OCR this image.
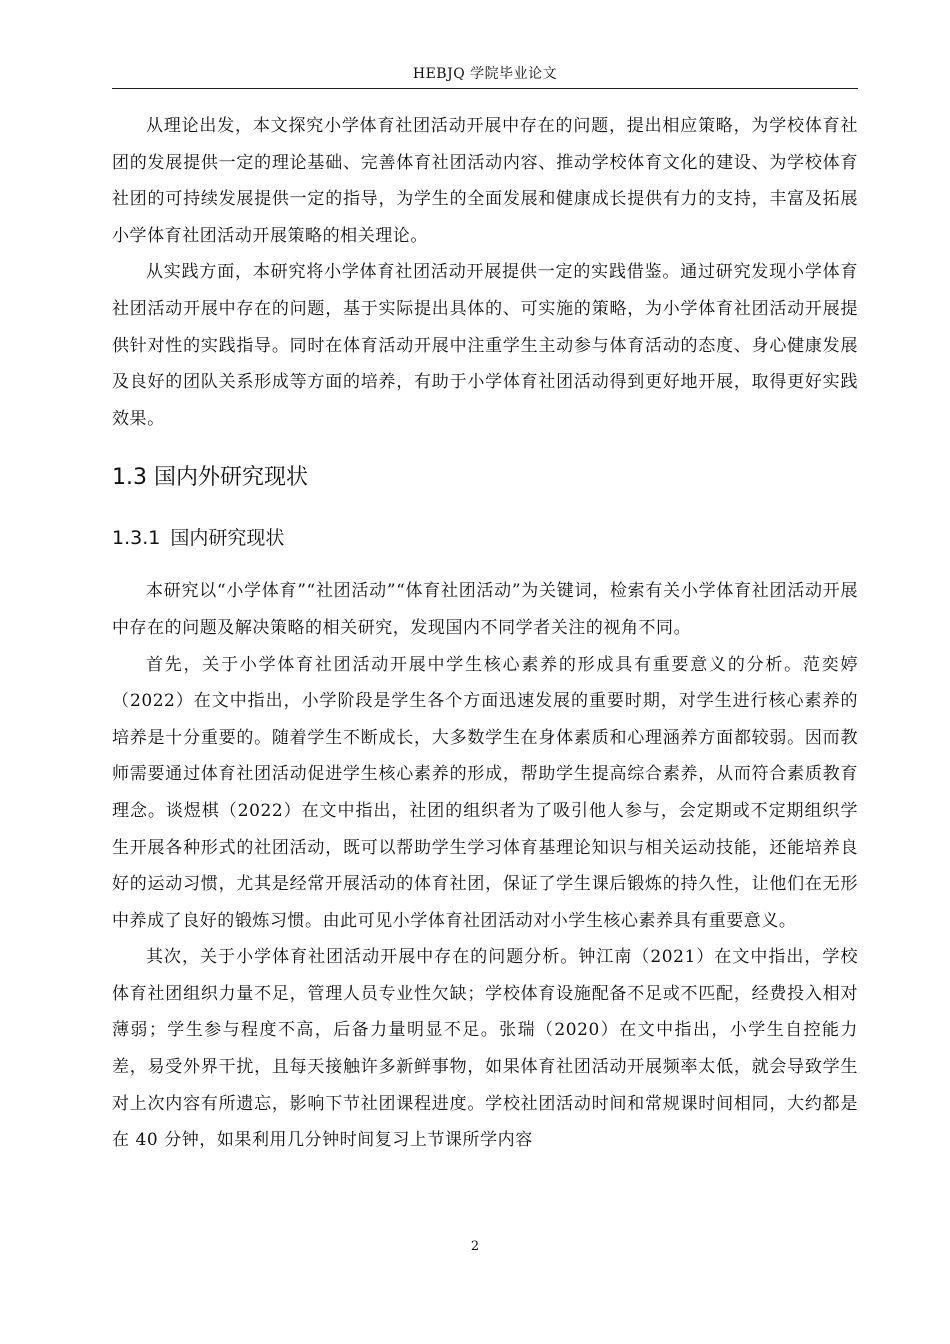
HEBJQ 学院毕业论文

从理论出发，本文探究小学体育社团活动开展中存在的问题，提出相应策略，为学校体育社团的发展提供一定的理论基础、完善体育社团活动内容、推动学校体育文化的建设、为学校体育社团的可持续发展提供一定的指导，为学生的全面发展和健康成长提供有力的支持，丰富及拓展小学体育社团活动开展策略的相关理论。

从实践方面，本研究将小学体育社团活动开展提供一定的实践借鉴。通过研究发现小学体育社团活动开展中存在的问题，基于实际提出具体的、可实施的策略，为小学体育社团活动开展提供针对性的实践指导。同时在体育活动开展中注重学生主动参与体育活动的态度、身心健康发展及良好的团队关系形成等方面的培养，有助于小学体育社团活动得到更好地开展，取得更好实践效果。

1.3 国内外研究现状
1.3.1 国内研究现状

本研究以“小学体育”“社团活动”“体育社团活动”为关键词，检索有关小学体育社团活动开展中存在的问题及解决策略的相关研究，发现国内不同学者关注的视角不同。

首先，关于小学体育社团活动开展中学生核心素养的形成具有重要意义的分析。范奕婷（2022）在文中指出，小学阶段是学生各个方面迅速发展的重要时期，对学生进行核心素养的培养是十分重要的。随着学生不断成长，大多数学生在身体素质和心理涵养方面都较弱。因而教师需要通过体育社团活动促进学生核心素养的形成，帮助学生提高综合素养，从而符合素质教育理念。谈煜棋（2022）在文中指出，社团的组织者为了吸引他人参与，会定期或不定期组织学生开展各种形式的社团活动，既可以帮助学生学习体育基理论知识与相关运动技能，还能培养良好的运动习惯，尤其是经常开展活动的体育社团，保证了学生课后锻炼的持久性，让他们在无形中养成了良好的锻炼习惯。由此可见小学体育社团活动对小学生核心素养具有重要意义。

其次，关于小学体育社团活动开展中存在的问题分析。钟江南（2021）在文中指出，学校体育社团组织力量不足，管理人员专业性欠缺；学校体育设施配备不足或不匹配，经费投入相对薄弱；学生参与程度不高，后备力量明显不足。张瑞（2020）在文中指出，小学生自控能力差，易受外界干扰，且每天接触许多新鲜事物，如果体育社团活动开展频率太低，就会导致学生对上次内容有所遗忘，影响下节社团课程进度。学校社团活动时间和常规课时间相同，大约都是在 40 分钟，如果利用几分钟时间复习上节课所学内容

2
